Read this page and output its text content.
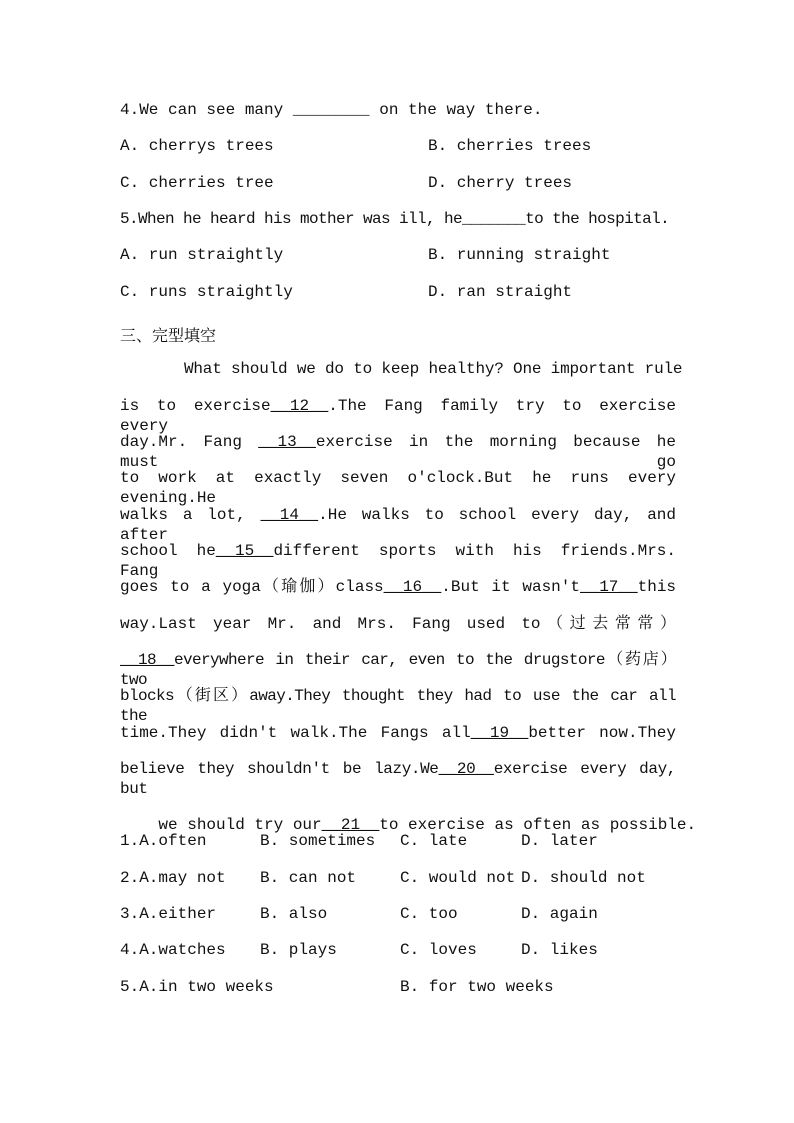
4.We can see many ________ on the way there.
A. cherrys trees	B. cherries trees
C. cherries tree	D. cherry trees
5.When he heard his mother was ill, he_______to the hospital.
A. run straightly	B. running straight
C. runs straightly	D. ran straight
三、完型填空
What should we do to keep healthy? One important rule
is to exercise__12__.The Fang family try to exercise every
day.Mr. Fang __13__exercise in the morning because he must go
to work at exactly seven o'clock.But he runs every evening.He
walks a lot, __14__.He walks to school every day, and after
school he__15__different sports with his friends.Mrs. Fang
goes to a yoga（瑜伽）class__16__.But it wasn't__17__this
way.Last year Mr. and Mrs. Fang used to（过去常常）
__18__everywhere in their car, even to the drugstore（药店）two
blocks（街区）away.They thought they had to use the car all the
time.They didn't walk.The Fangs all__19__better now.They
believe they shouldn't be lazy.We__20__exercise every day, but

we should try our__21__to exercise as often as possible.

1.A.often	B. sometimes C. late	D. later
2.A.may not B. can not	C. would not D. should not
3.A.either	B. also	C. too	D. again
4.A.watches B. plays	C. loves	D. likes
5.A.in two weeks	B. for two weeks
